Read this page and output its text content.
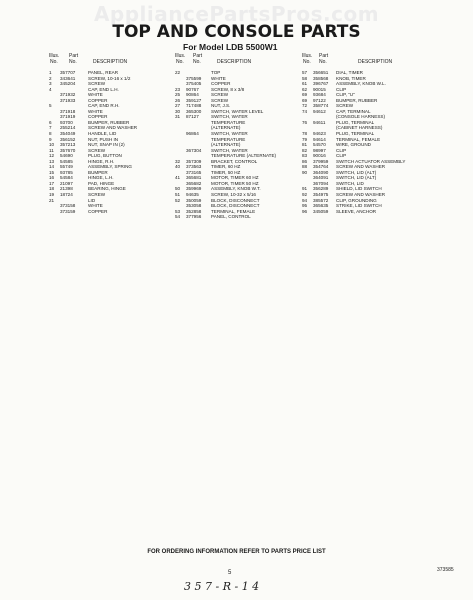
AppliancePartsPros.com
TOP AND CONSOLE PARTS
For Model LDB 5500W1
Illus. Part
No. No.	DESCRIPTION
1 357707	PANEL, REAR
2 343641	SCREW, 10-16 x 1/2
3 345204	SCREW
4	CAP, END L.H.
371932	WHITE
371933	COPPER
5	CAP, END R.H.
371918	WHITE
371919	COPPER
6 93700	BUMPER, RUBBER
7 255214	SCREW AND WASHER
8 354049	HANDLE, LID
9 356152	NUT, PUSH IN
10 357213	NUT, SNAP IN (2)
11 357670	SCREW
12 54690	PLUG, BUTTON
13 54585	HINGE, R.H.
14 55749	ASSEMBLY, SPRING
15 93785	BUMPER
16 54584	HINGE, L.H.
17 21097	PAD, HINGE
18 21398	BEARING, HINGE
19 18724	SCREW
21	LID
373158	WHITE
373159	COPPER
Illus. Part
No. No.	DESCRIPTION
22	TOP
375599 WHITE
375405 COPPER
23 90767	SCREW, 8 x 3/8
25 90864	SCREW
26 359127 SCREW
27 717488 NUT, J.S.
30 365300 SWITCH, WATER LEVEL
31 87127	SWITCH, WATER
TEMPERATURE
(ALTERNATE)
96864	SWITCH, WATER
TEMPERATURE
(ALTERNATE)
367304 SWITCH, WATER
TEMPERATURE (ALTERNATE)
32 357309 BRACKET, CONTROL
40 373563 TIMER, 60 HZ
373165 TIMER, 50 HZ
41 365681 MOTOR, TIMER 60 HZ
365682 MOTOR, TIMER 50 HZ
50 359969 ASSEMBLY, KNOB W.T.
51 94635	SCREW, 10-32 x 5/16
52 350059 BLOCK, DISCONNECT
353058 BLOCK, DISCONNECT
53 352858 TERMINAL, FEMALE
54 377956 PANEL, CONTROL
Illus. Part
No. No.	DESCRIPTION
57 356651 DIAL, TIMER
58 358568 KNOB, TIMER
61 396767 ASSEMBLY, KNOB W.L.
62 90015 CLIP
69 93684 CLIP, "U"
69 97122 BUMPER, RUBBER
72 358774 SCREW
74 94612 CAP, TERMINAL
(CONSOLE HARNESS)
76 94611 PLUG, TERMINAL
(CABINET HARNESS)
78 94623 PLUG, TERMINAL
79 94614 TERMINAL, FEMALE
81 54570 WIRE, GROUND
82 98997 CLIP
83 90016 CLIP
86 379959 SWITCH ACTUATOR ASSEMBLY
88 354764 SCREW AND WASHER
90 364090 SWITCH, LID (ALT)
364091 SWITCH, LID (ALT)
367094 SWITCH, LID
91 356289 SHIELD, LID SWITCH
92 354975 SCREW AND WASHER
94 385572 CLIP, GROUNDING
95 365635 STRIKE, LID SWITCH
96 345059 SLEEVE, ANCHOR
FOR ORDERING INFORMATION REFER TO PARTS PRICE LIST
5	373585
3 5 7 - R - 1 4
